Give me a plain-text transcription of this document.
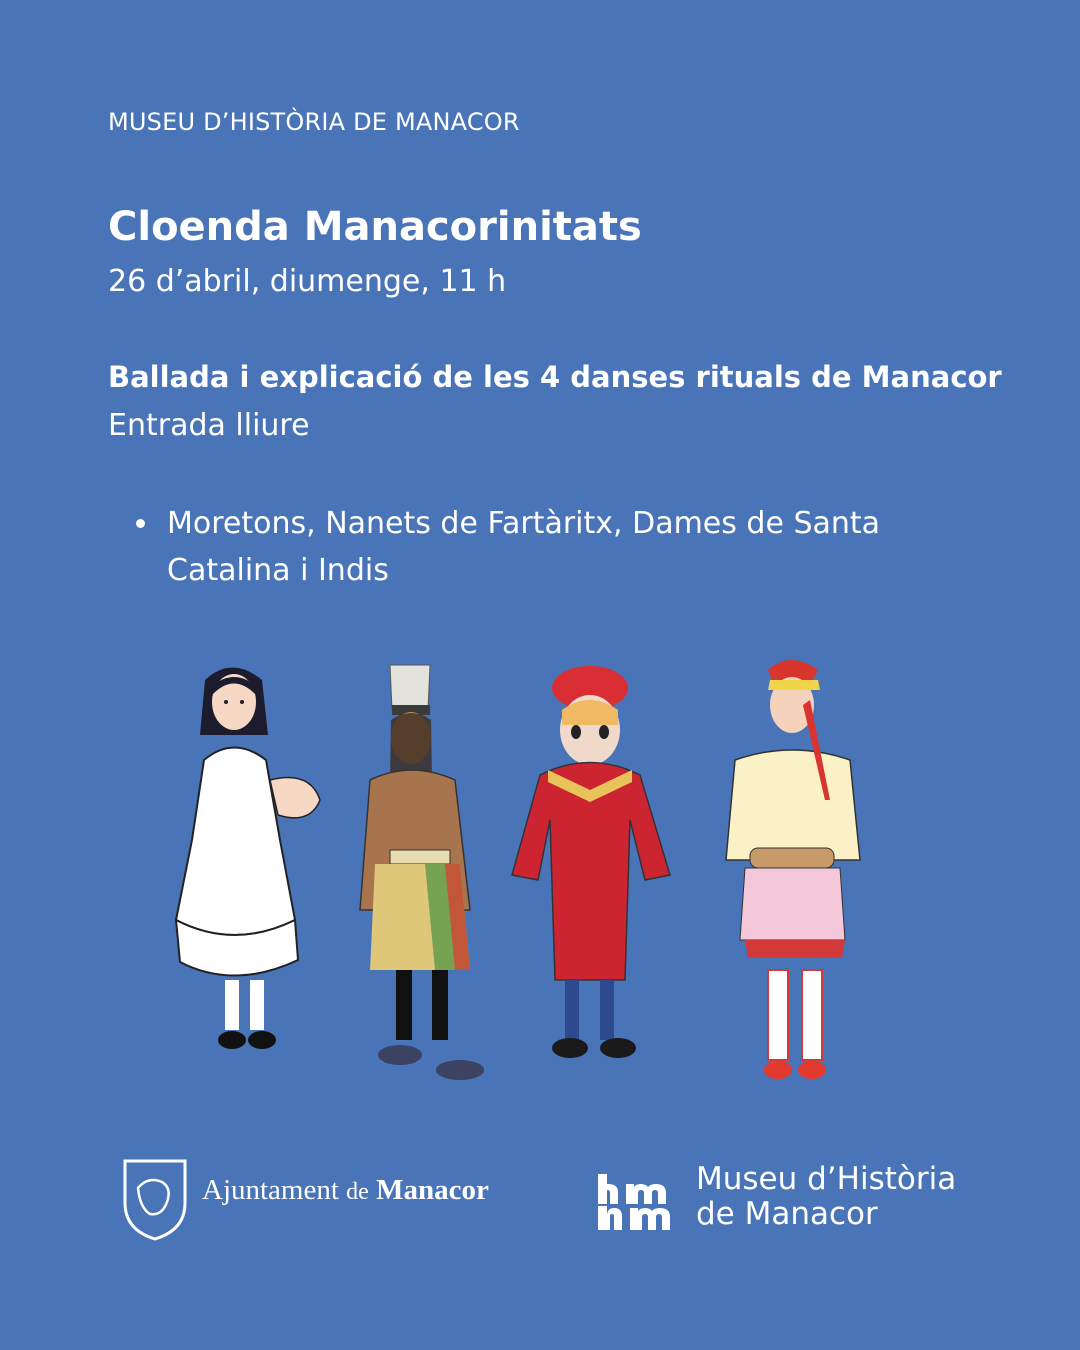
MUSEU D’HISTÒRIA DE MANACOR
Cloenda Manacorinitats
26 d’abril, diumenge, 11 h
Ballada i explicació de les 4 danses rituals de Manacor
Entrada lliure
Moretons, Nanets de Fartàritx, Dames de Santa Catalina i Indis
Ajuntament de Manacor	Museu d’Història
de Manacor
